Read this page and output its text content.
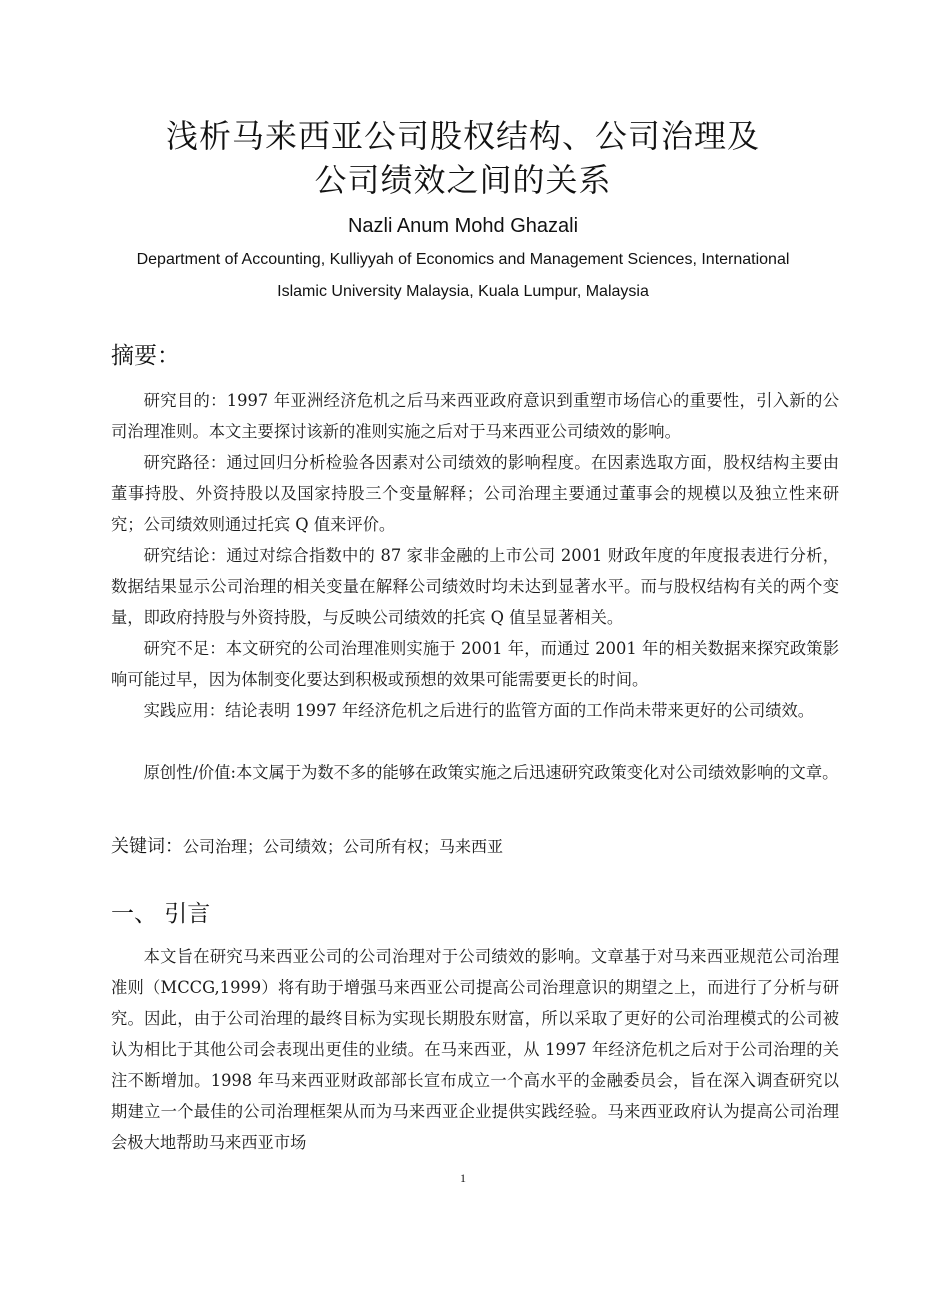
浅析马来西亚公司股权结构、公司治理及
公司绩效之间的关系
Nazli Anum Mohd Ghazali
Department of Accounting, Kulliyyah of Economics and Management Sciences, International
Islamic University Malaysia, Kuala Lumpur, Malaysia
摘要：

研究目的：1997 年亚洲经济危机之后马来西亚政府意识到重塑市场信心的重要性，引入新的公司治理准则。本文主要探讨该新的准则实施之后对于马来西亚公司绩效的影响。

研究路径：通过回归分析检验各因素对公司绩效的影响程度。在因素选取方面，股权结构主要由董事持股、外资持股以及国家持股三个变量解释；公司治理主要通过董事会的规模以及独立性来研究；公司绩效则通过托宾 Q 值来评价。

研究结论：通过对综合指数中的 87 家非金融的上市公司 2001 财政年度的年度报表进行分析，数据结果显示公司治理的相关变量在解释公司绩效时均未达到显著水平。而与股权结构有关的两个变量，即政府持股与外资持股，与反映公司绩效的托宾 Q 值呈显著相关。

研究不足：本文研究的公司治理准则实施于 2001 年，而通过 2001 年的相关数据来探究政策影响可能过早，因为体制变化要达到积极或预想的效果可能需要更长的时间。

实践应用：结论表明 1997 年经济危机之后进行的监管方面的工作尚未带来更好的公司绩效。

原创性/价值:本文属于为数不多的能够在政策实施之后迅速研究政策变化对公司绩效影响的文章。

关键词：公司治理；公司绩效；公司所有权；马来西亚
一、 引言

本文旨在研究马来西亚公司的公司治理对于公司绩效的影响。文章基于对马来西亚规范公司治理准则（MCCG,1999）将有助于增强马来西亚公司提高公司治理意识的期望之上，而进行了分析与研究。因此，由于公司治理的最终目标为实现长期股东财富，所以采取了更好的公司治理模式的公司被认为相比于其他公司会表现出更佳的业绩。在马来西亚，从 1997 年经济危机之后对于公司治理的关注不断增加。1998 年马来西亚财政部部长宣布成立一个高水平的金融委员会，旨在深入调查研究以期建立一个最佳的公司治理框架从而为马来西亚企业提供实践经验。马来西亚政府认为提高公司治理会极大地帮助马来西亚市场

1
